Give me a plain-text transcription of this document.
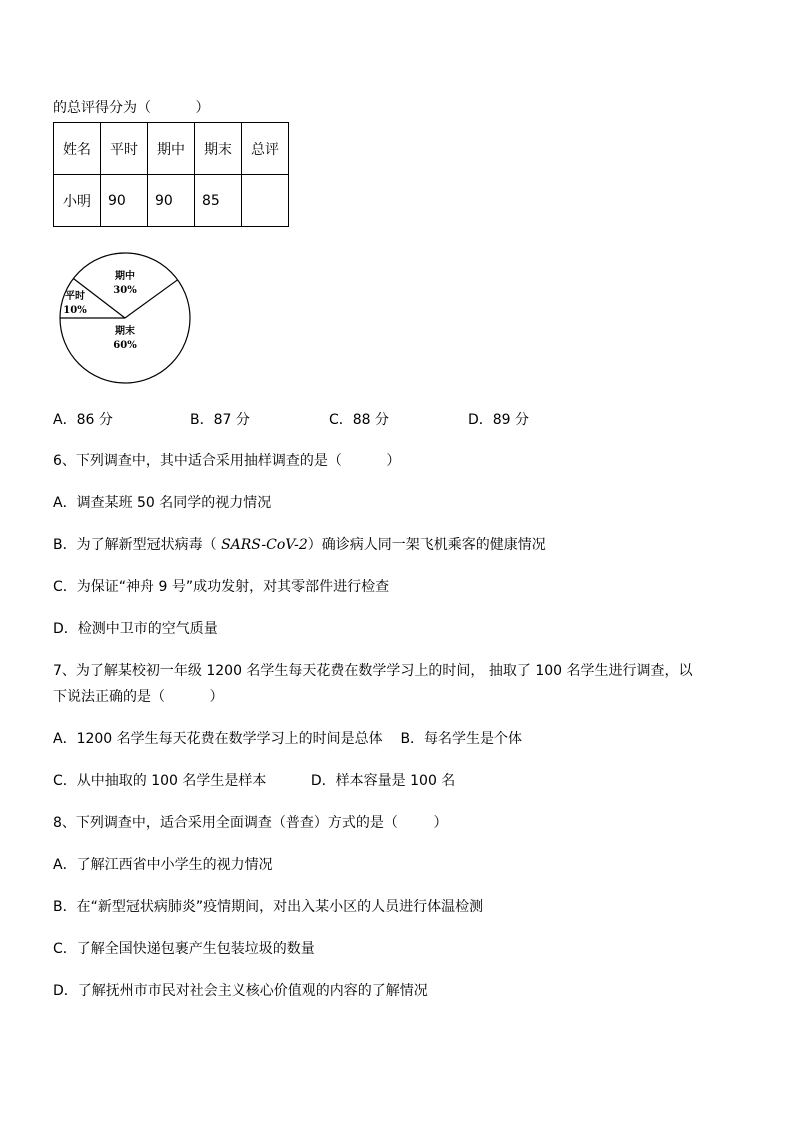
的总评得分为（          ）
姓名	平时	期中	期末	总评
小明	90	90	85	
期中
30%
平时
10%
期末
60%
A．86 分	B．87 分	C．88 分	D．89 分
6、下列调查中，其中适合采用抽样调查的是（          ）
A．调查某班 50 名同学的视力情况
B．为了解新型冠状病毒（ SARS-CoV-2）确诊病人同一架飞机乘客的健康情况
C．为保证“神舟 9 号”成功发射，对其零部件进行检查
D．检测中卫市的空气质量
7、为了解某校初一年级 1200 名学生每天花费在数学学习上的时间， 抽取了 100 名学生进行调查，以
下说法正确的是（          ）
A．1200 名学生每天花费在数学学习上的时间是总体    B．每名学生是个体
C．从中抽取的 100 名学生是样本          D．样本容量是 100 名
8、下列调查中，适合采用全面调查（普查）方式的是（        ）
A．了解江西省中小学生的视力情况
B．在“新型冠状病肺炎”疫情期间，对出入某小区的人员进行体温检测
C．了解全国快递包裹产生包装垃圾的数量
D．了解抚州市市民对社会主义核心价值观的内容的了解情况
